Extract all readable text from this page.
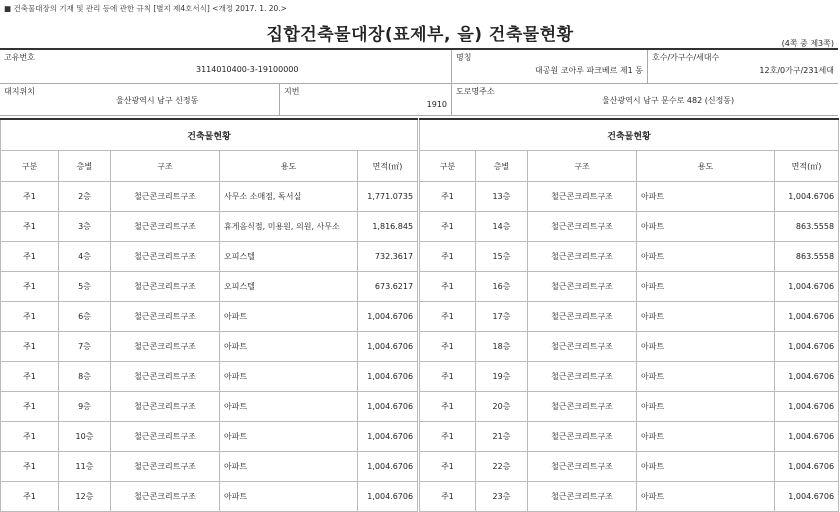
■ 건축물대장의 기재 및 관리 등에 관한 규칙 [별지 제4호서식] <개정 2017. 1. 20.>
집합건축물대장(표제부, 을) 건축물현황	(4쪽 중 제3쪽)
고유번호
3114010400-3-19100000
명칭
대공원 코아루 파크베르 제1 동
호수/가구수/세대수
12호/0가구/231세대
대지위치
울산광역시 남구 신정동
지번
1910
도로명주소
울산광역시 남구 문수로 482 (신정동)
건축물현황				
구분	층별	구조	용도	면적(㎡)
주1	2층	철근콘크리트구조	사무소 소매점, 독서실	1,771.0735
주1	3층	철근콘크리트구조	휴게음식점, 미용원, 의원, 사무소	1,816.845
주1	4층	철근콘크리트구조	오피스텔	732.3617
주1	5층	철근콘크리트구조	오피스텔	673.6217
주1	6층	철근콘크리트구조	아파트	1,004.6706
주1	7층	철근콘크리트구조	아파트	1,004.6706
주1	8층	철근콘크리트구조	아파트	1,004.6706
주1	9층	철근콘크리트구조	아파트	1,004.6706
주1	10층	철근콘크리트구조	아파트	1,004.6706
주1	11층	철근콘크리트구조	아파트	1,004.6706
주1	12층	철근콘크리트구조	아파트	1,004.6706
건축물현황				
구분	층별	구조	용도	면적(㎡)
주1	13층	철근콘크리트구조	아파트	1,004.6706
주1	14층	철근콘크리트구조	아파트	863.5558
주1	15층	철근콘크리트구조	아파트	863.5558
주1	16층	철근콘크리트구조	아파트	1,004.6706
주1	17층	철근콘크리트구조	아파트	1,004.6706
주1	18층	철근콘크리트구조	아파트	1,004.6706
주1	19층	철근콘크리트구조	아파트	1,004.6706
주1	20층	철근콘크리트구조	아파트	1,004.6706
주1	21층	철근콘크리트구조	아파트	1,004.6706
주1	22층	철근콘크리트구조	아파트	1,004.6706
주1	23층	철근콘크리트구조	아파트	1,004.6706
